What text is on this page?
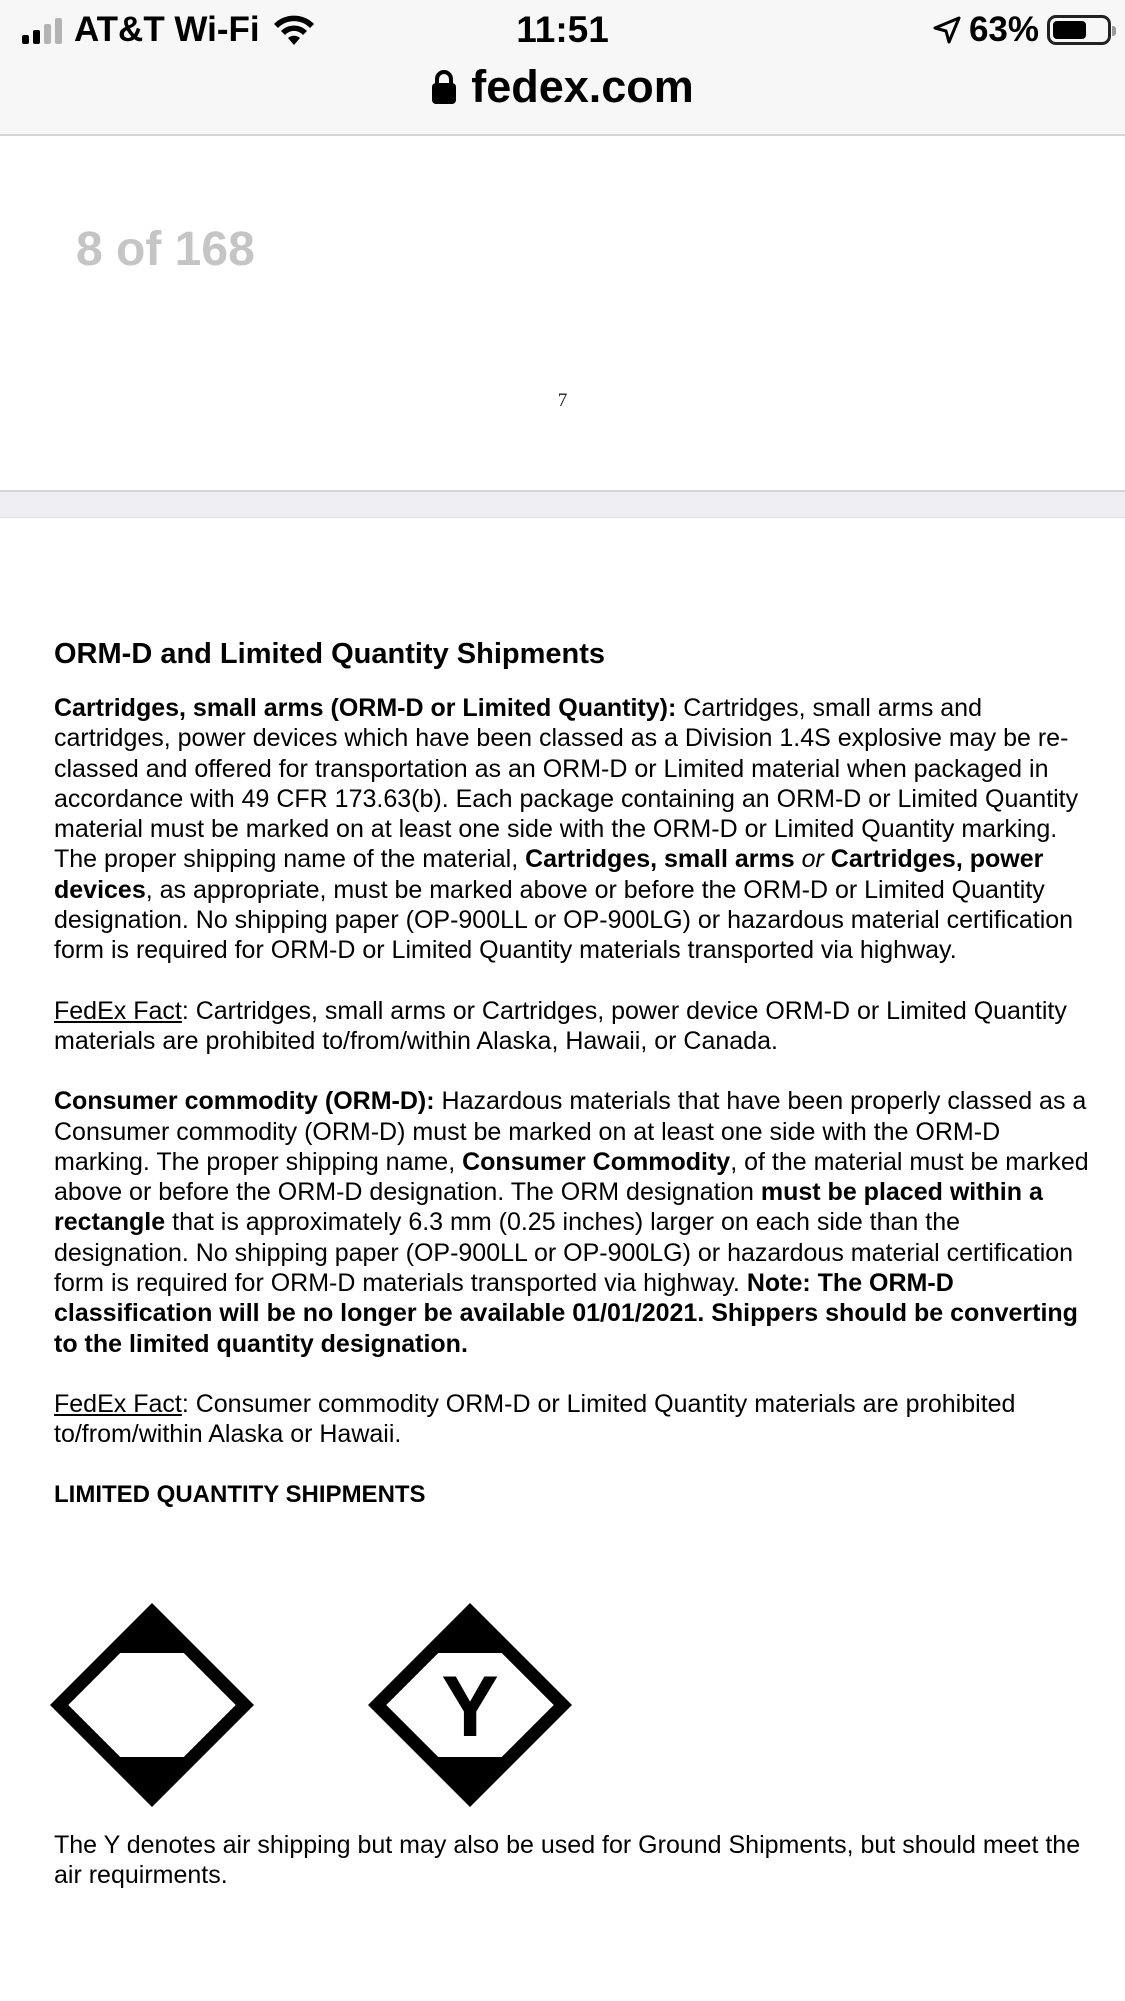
AT&T Wi-Fi	11:51	63%
fedex.com
8 of 168
7
ORM-D and Limited Quantity Shipments

Cartridges, small arms (ORM-D or Limited Quantity): Cartridges, small arms and cartridges, power devices which have been classed as a Division 1.4S explosive may be re-classed and offered for transportation as an ORM-D or Limited material when packaged in accordance with 49 CFR 173.63(b). Each package containing an ORM-D or Limited Quantity material must be marked on at least one side with the ORM-D or Limited Quantity marking. The proper shipping name of the material, Cartridges, small arms or Cartridges, power devices, as appropriate, must be marked above or before the ORM-D or Limited Quantity designation. No shipping paper (OP-900LL or OP-900LG) or hazardous material certification form is required for ORM-D or Limited Quantity materials transported via highway.

FedEx Fact: Cartridges, small arms or Cartridges, power device ORM-D or Limited Quantity materials are prohibited to/from/within Alaska, Hawaii, or Canada.

Consumer commodity (ORM-D): Hazardous materials that have been properly classed as a Consumer commodity (ORM-D) must be marked on at least one side with the ORM-D marking. The proper shipping name, Consumer Commodity, of the material must be marked above or before the ORM-D designation. The ORM designation must be placed within a rectangle that is approximately 6.3 mm (0.25 inches) larger on each side than the designation. No shipping paper (OP-900LL or OP-900LG) or hazardous material certification form is required for ORM-D materials transported via highway. Note: The ORM-D classification will be no longer be available 01/01/2021. Shippers should be converting to the limited quantity designation.

FedEx Fact: Consumer commodity ORM-D or Limited Quantity materials are prohibited to/from/within Alaska or Hawaii.

LIMITED QUANTITY SHIPMENTS
Y

The Y denotes air shipping but may also be used for Ground Shipments, but should meet the air requirments.
